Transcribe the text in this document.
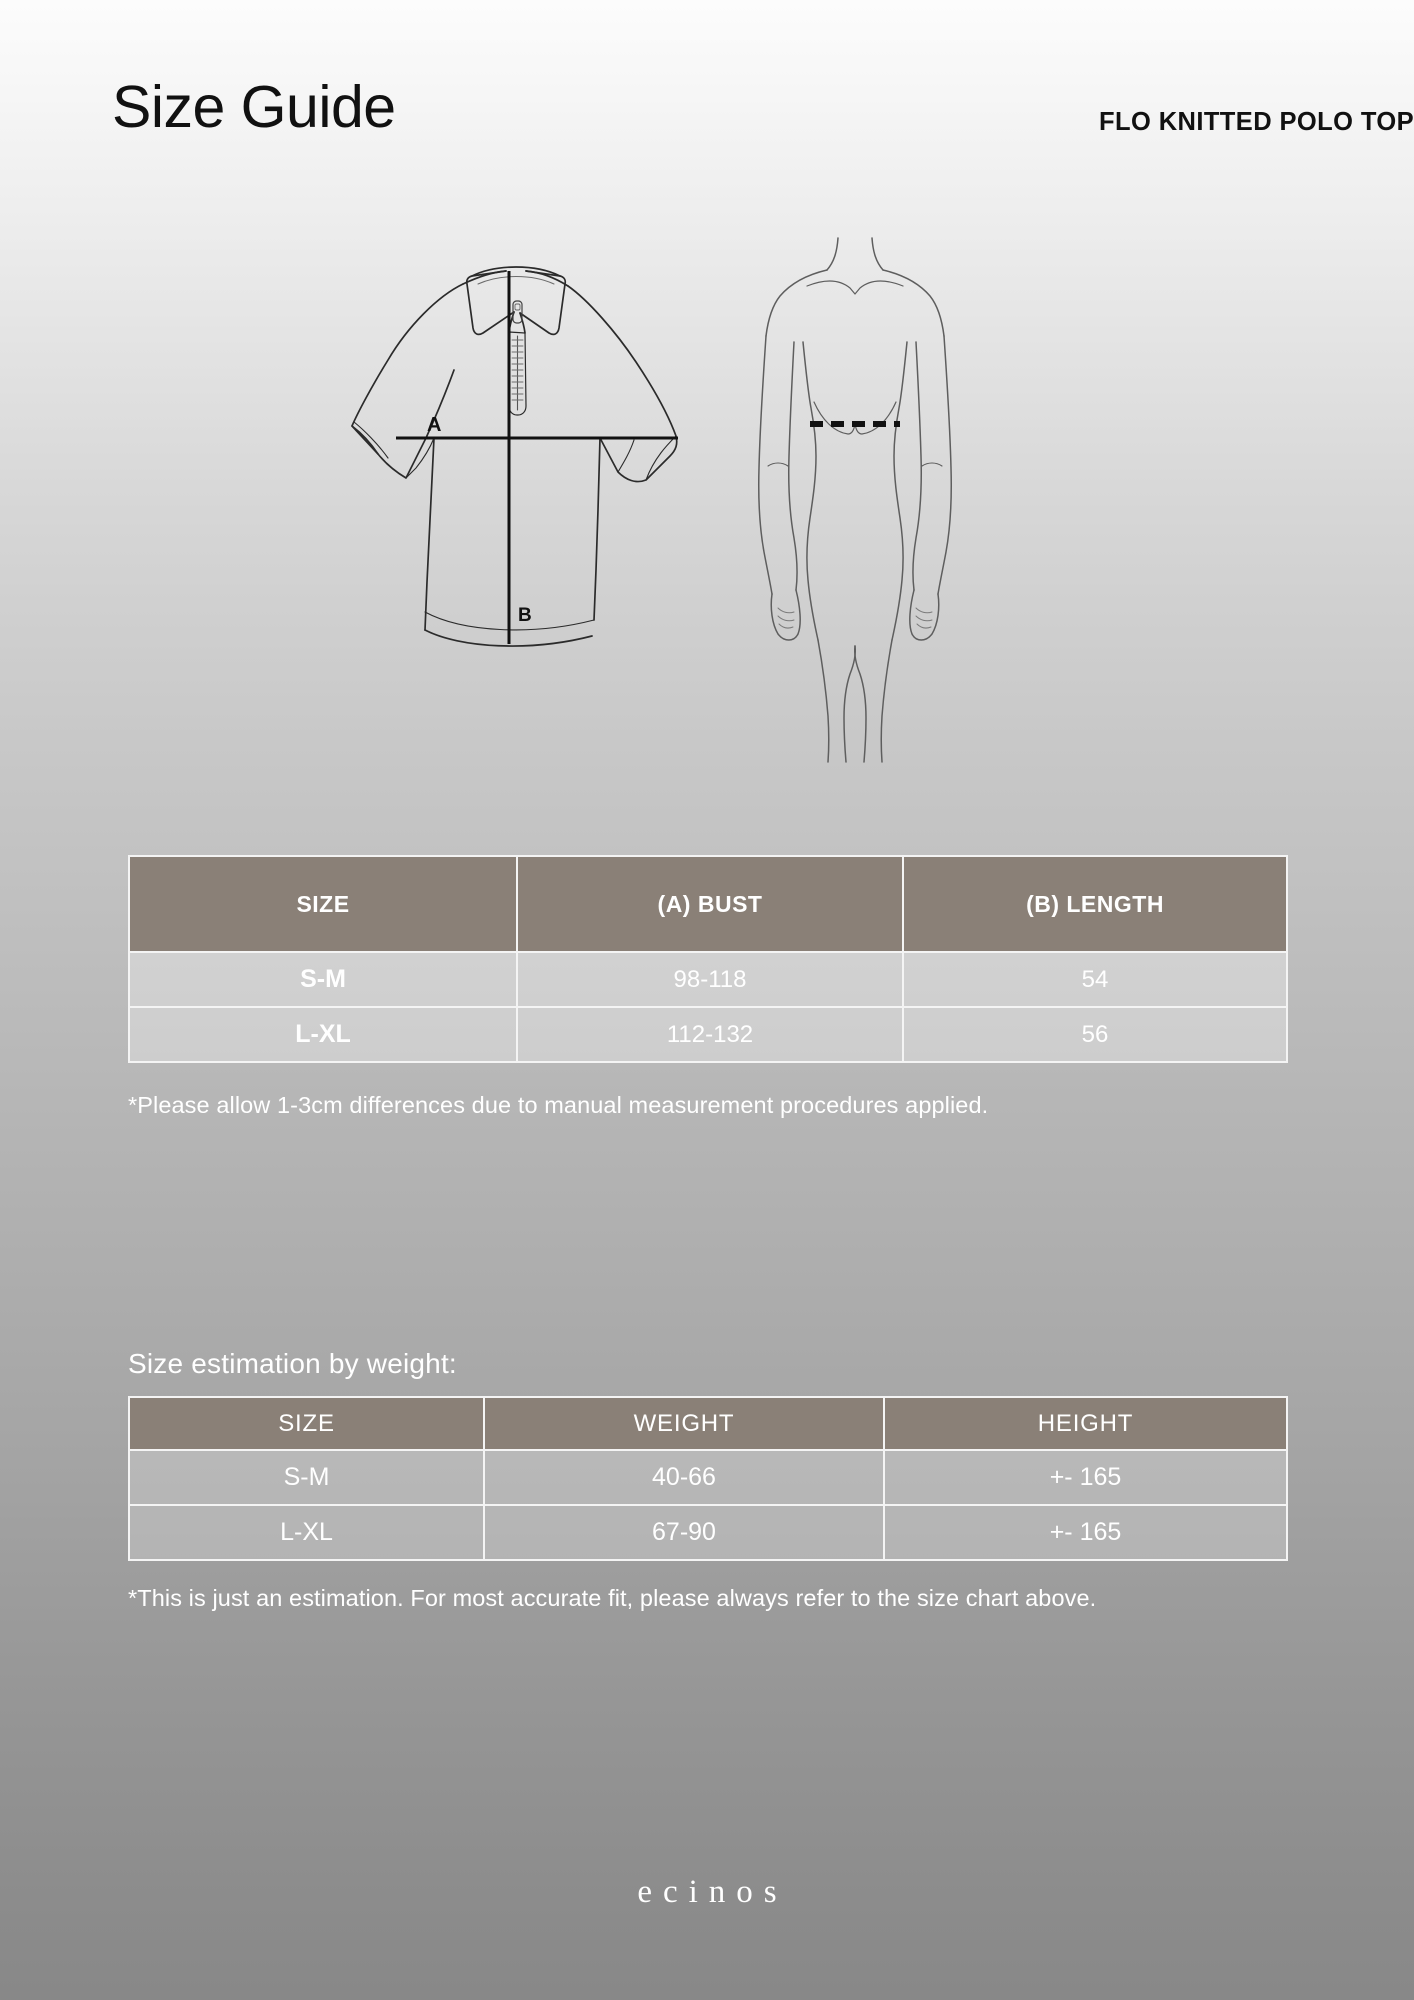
Size Guide	FLO KNITTED POLO TOP
A
B
SIZE	(A) BUST	(B) LENGTH
S-M	98-118	54
L-XL	112-132	56
*Please allow 1-3cm differences due to manual measurement procedures applied.
Size estimation by weight:
SIZE	WEIGHT	HEIGHT
S-M	40-66	+- 165
L-XL	67-90	+- 165
*This is just an estimation. For most accurate fit, please always refer to the size chart above.
ecinos
